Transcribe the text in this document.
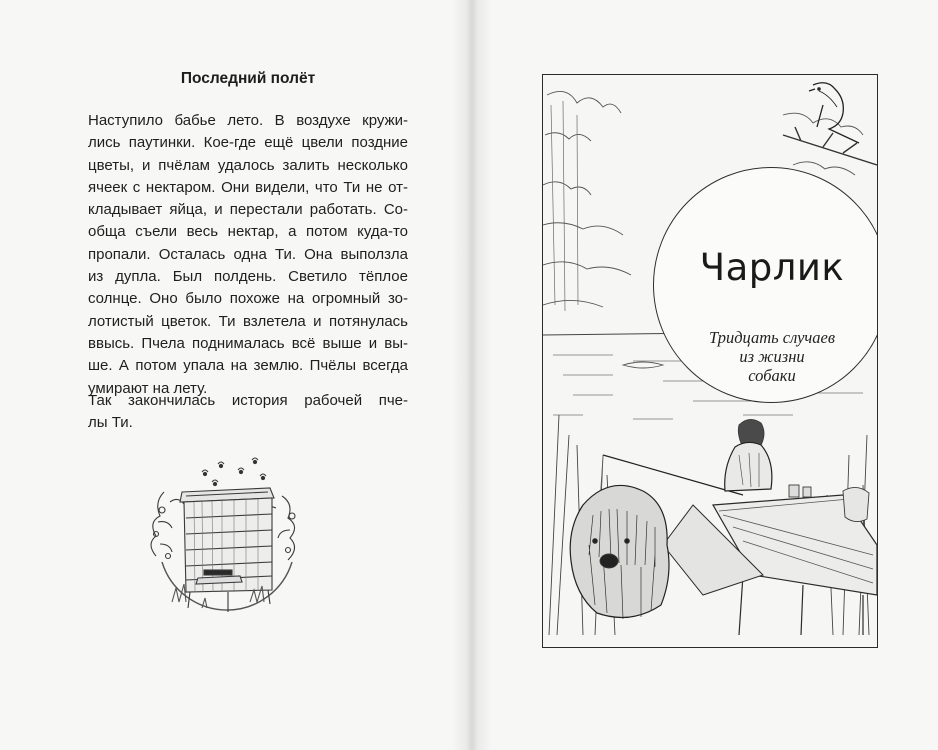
Последний полёт
Наступило бабье лето. В воздухе кружи-
лись паутинки. Кое-где ещё цвели поздние
цветы, и пчёлам удалось залить несколько
ячеек с нектаром. Они видели, что Ти не от-
кладывает яйца, и перестали работать. Со-
обща съели весь нектар, а потом куда-то
пропали. Осталась одна Ти. Она выползла
из дупла. Был полдень. Светило тёплое
солнце. Оно было похоже на огромный зо-
лотистый цветок. Ти взлетела и потянулась
ввысь. Пчела поднималась всё выше и вы-
ше. А потом упала на землю. Пчёлы всегда
умирают на лету.
Так закончилась история рабочей пче-
лы Ти.
Чарлик
Тридцать случаев
из жизни
собаки
